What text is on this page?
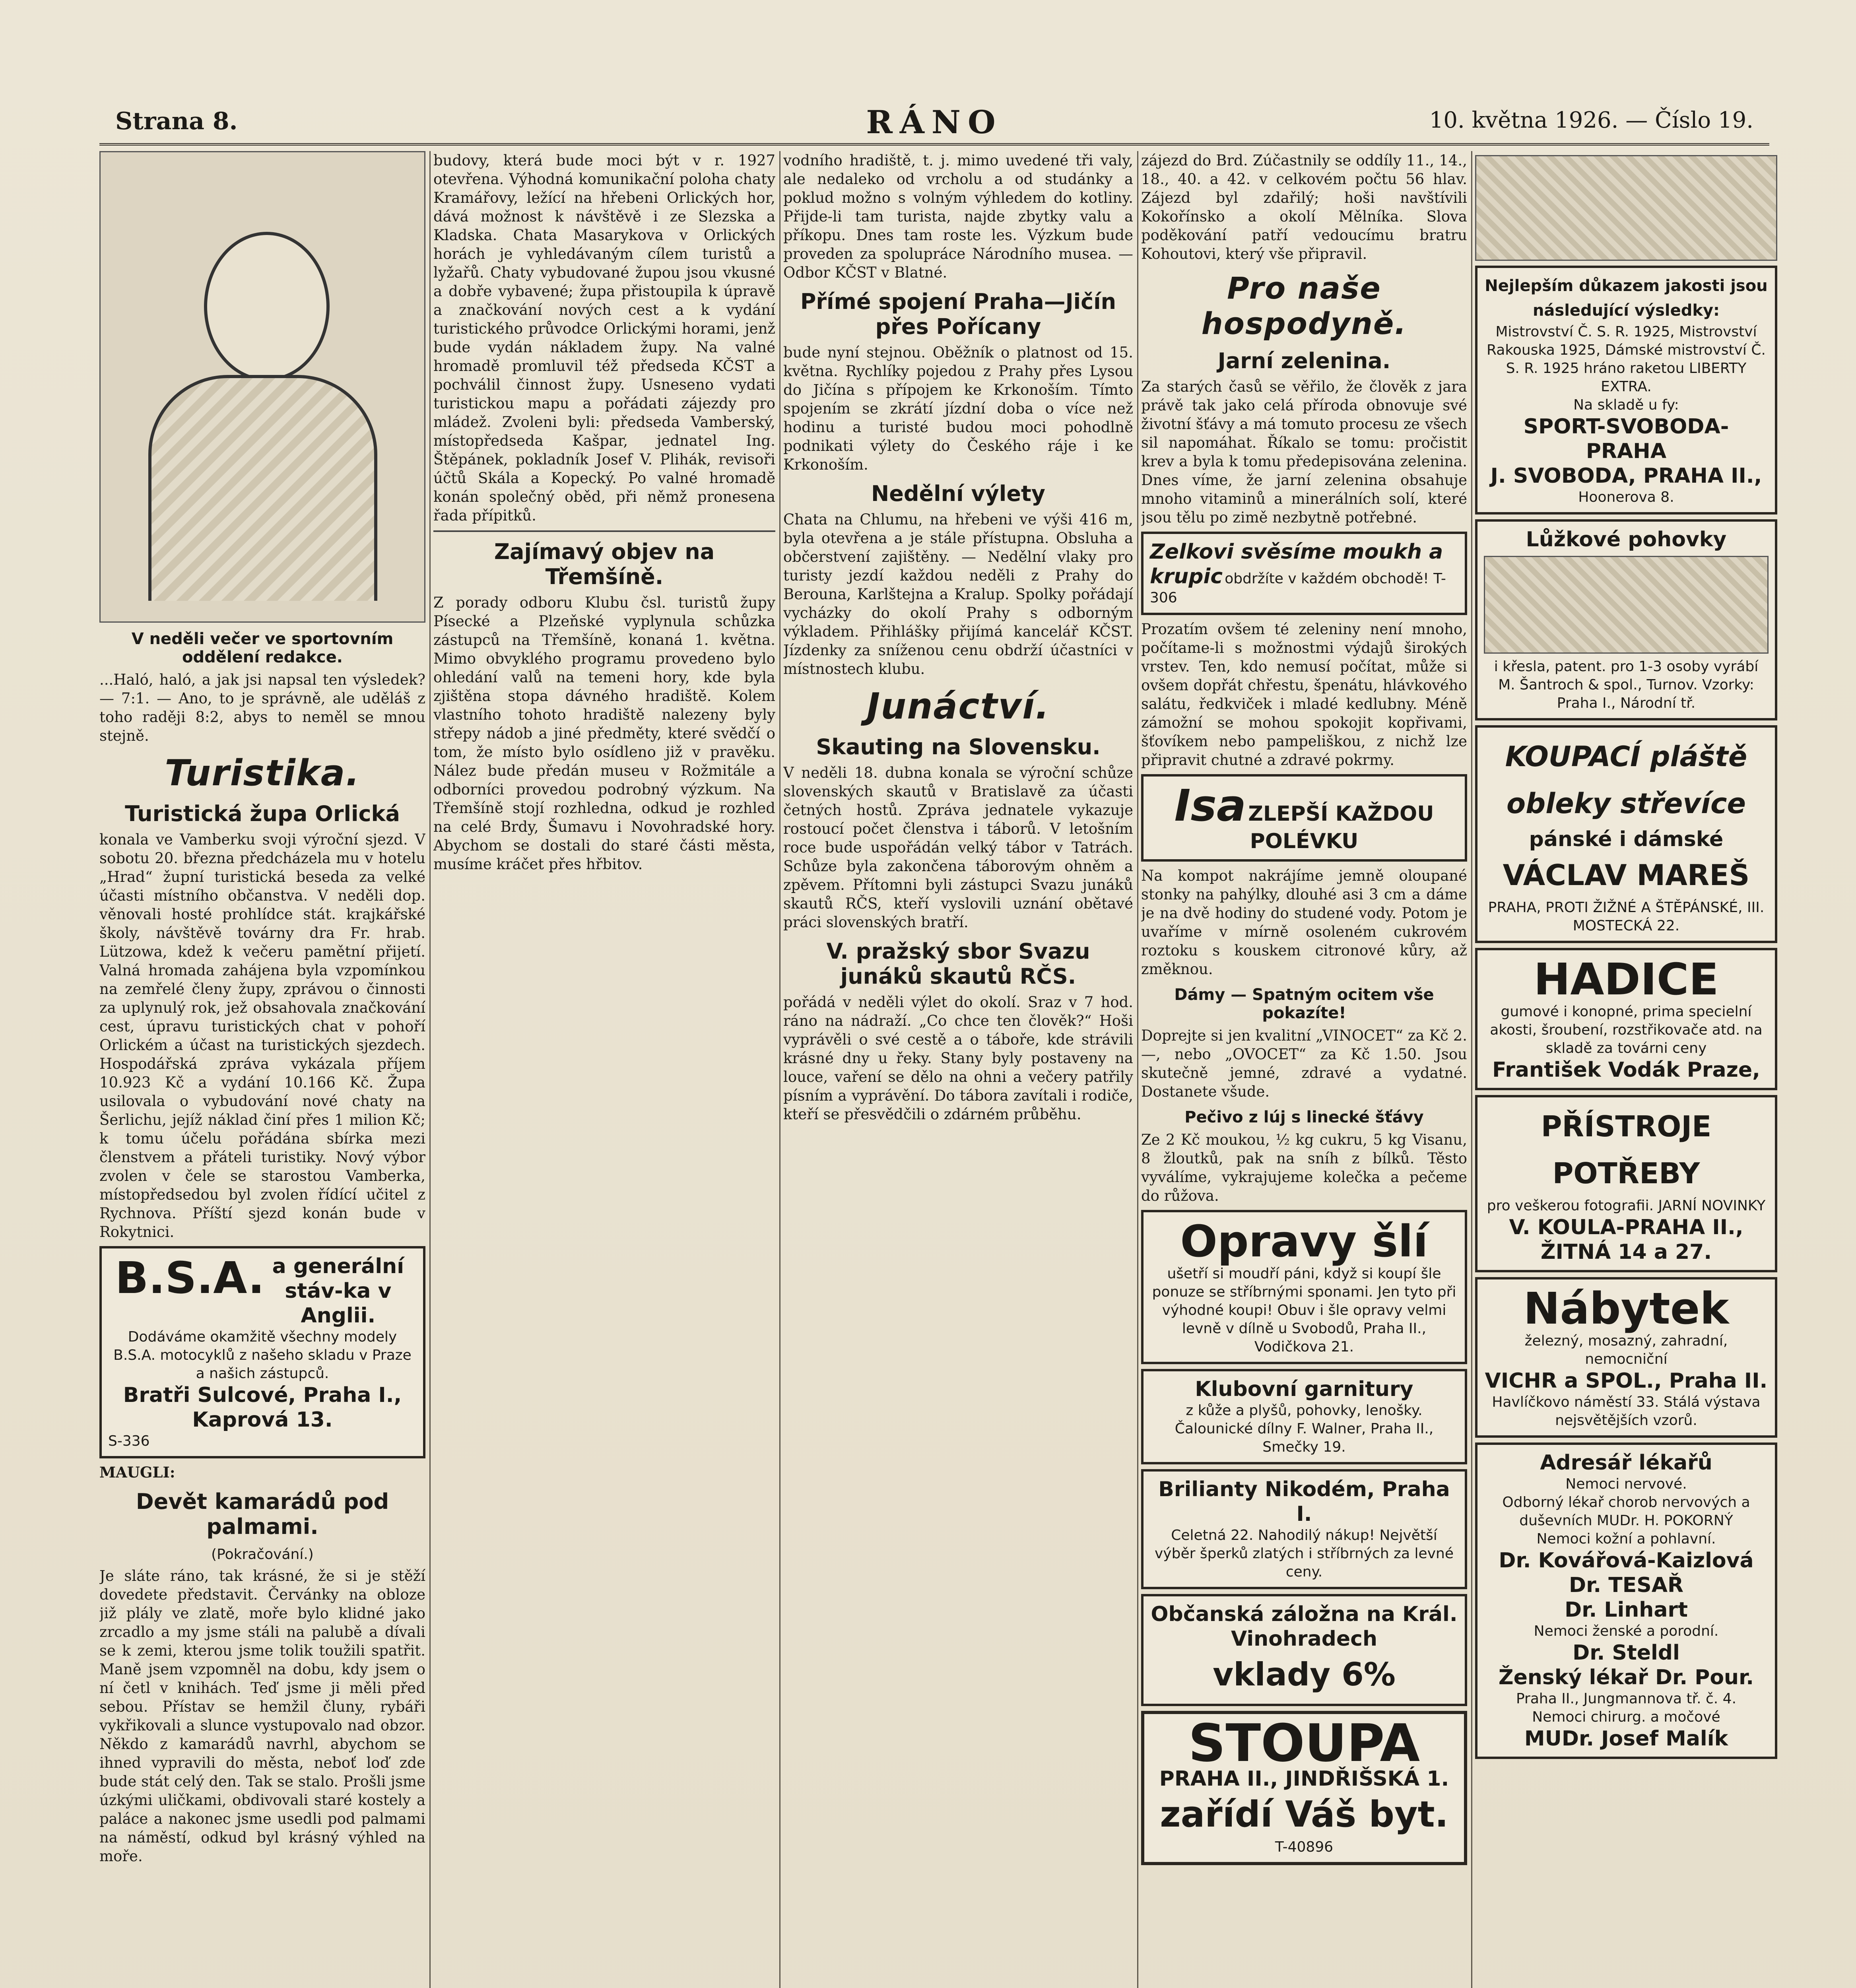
Strana 8.	RÁNO	10. května 1926. — Číslo 19.
V neděli večer ve sportovním oddělení redakce.

...Haló, haló, a jak jsi napsal ten výsledek? — 7:1. — Ano, to je správně, ale uděláš z toho raději 8:2, abys to neměl se mnou stejně.

Turistika.
Turistická župa Orlická

konala ve Vamberku svoji výroční sjezd. V sobotu 20. března předcházela mu v hotelu „Hrad“ župní turistická beseda za velké účasti místního občanstva. V neděli dop. věnovali hosté prohlídce stát. krajkářské školy, návštěvě továrny dra Fr. hrab. Lützowa, kdež k večeru pamětní přijetí. Valná hromada zahájena byla vzpomínkou na zemřelé členy župy, zprávou o činnosti za uplynulý rok, jež obsahovala značkování cest, úpravu turistických chat v pohoří Orlickém a účast na turistických sjezdech. Hospodářská zpráva vykázala příjem 10.923 Kč a vydání 10.166 Kč. Župa usilovala o vybudování nové chaty na Šerlichu, jejíž náklad činí přes 1 milion Kč; k tomu účelu pořádána sbírka mezi členstvem a přáteli turistiky. Nový výbor zvolen v čele se starostou Vamberka, místopředsedou byl zvolen řídící učitel z Rychnova. Příští sjezd konán bude v Rokytnici.

B.S.A. a generální stáv-ka v Anglii.
Dodáváme okamžitě všechny modely B.S.A. motocyklů z našeho skladu v Praze a našich zástupců.
Bratři Sulcové, Praha I., Kaprová 13.
S-336
MAUGLI:
Devět kamarádů pod palmami.
(Pokračování.)

Je sláte ráno, tak krásné, že si je stěží dovedete představit. Červánky na obloze již plály ve zlatě, moře bylo klidné jako zrcadlo a my jsme stáli na palubě a dívali se k zemi, kterou jsme tolik toužili spatřit. Maně jsem vzpomněl na dobu, kdy jsem o ní četl v knihách. Teď jsme ji měli před sebou. Přístav se hemžil čluny, rybáři vykřikovali a slunce vystupovalo nad obzor. Někdo z kamarádů navrhl, abychom se ihned vypravili do města, neboť loď zde bude stát celý den. Tak se stalo. Prošli jsme úzkými uličkami, obdivovali staré kostely a paláce a nakonec jsme usedli pod palmami na náměstí, odkud byl krásný výhled na moře.

budovy, která bude moci být v r. 1927 otevřena. Výhodná komunikační poloha chaty Kramářovy, ležící na hřebeni Orlických hor, dává možnost k návštěvě i ze Slezska a Kladska. Chata Masarykova v Orlických horách je vyhledávaným cílem turistů a lyžařů. Chaty vybudované župou jsou vkusné a dobře vybavené; župa přistoupila k úpravě a značkování nových cest a k vydání turistického průvodce Orlickými horami, jenž bude vydán nákladem župy. Na valné hromadě promluvil též předseda KČST a pochválil činnost župy. Usneseno vydati turistickou mapu a pořádati zájezdy pro mládež. Zvoleni byli: předseda Vamberský, místopředseda Kašpar, jednatel Ing. Štěpánek, pokladník Josef V. Plihák, revisoři účtů Skála a Kopecký. Po valné hromadě konán společný oběd, při němž pronesena řada přípitků.

Zajímavý objev na Třemšíně.

Z porady odboru Klubu čsl. turistů župy Písecké a Plzeňské vyplynula schůzka zástupců na Třemšíně, konaná 1. května. Mimo obvyklého programu provedeno bylo ohledání valů na temeni hory, kde byla zjištěna stopa dávného hradiště. Kolem vlastního tohoto hradiště nalezeny byly střepy nádob a jiné předměty, které svědčí o tom, že místo bylo osídleno již v pravěku. Nález bude předán museu v Rožmitále a odborníci provedou podrobný výzkum. Na Třemšíně stojí rozhledna, odkud je rozhled na celé Brdy, Šumavu i Novohradské hory. Abychom se dostali do staré části města, musíme kráčet přes hřbitov.

vodního hradiště, t. j. mimo uvedené tři valy, ale nedaleko od vrcholu a od studánky a poklud možno s volným výhledem do kotliny. Přijde-li tam turista, najde zbytky valu a příkopu. Dnes tam roste les. Výzkum bude proveden za spolupráce Národního musea. — Odbor KČST v Blatné.

Přímé spojení Praha—Jičín přes Pořícany

bude nyní stejnou. Oběžník o platnost od 15. května. Rychlíky pojedou z Prahy přes Lysou do Jičína s přípojem ke Krkonoším. Tímto spojením se zkrátí jízdní doba o více než hodinu a turisté budou moci pohodlně podnikati výlety do Českého ráje i ke Krkonoším.

Nedělní výlety

Chata na Chlumu, na hřebeni ve výši 416 m, byla otevřena a je stále přístupna. Obsluha a občerstvení zajištěny. — Nedělní vlaky pro turisty jezdí každou neděli z Prahy do Berouna, Karlštejna a Kralup. Spolky pořádají vycházky do okolí Prahy s odborným výkladem. Přihlášky přijímá kancelář KČST. Jízdenky za sníženou cenu obdrží účastníci v místnostech klubu.

Junáctví.
Skauting na Slovensku.

V neděli 18. dubna konala se výroční schůze slovenských skautů v Bratislavě za účasti četných hostů. Zpráva jednatele vykazuje rostoucí počet členstva i táborů. V letošním roce bude uspořádán velký tábor v Tatrách. Schůze byla zakončena táborovým ohněm a zpěvem. Přítomni byli zástupci Svazu junáků skautů RČS, kteří vyslovili uznání obětavé práci slovenských bratří.

V. pražský sbor Svazu junáků skautů RČS.

pořádá v neděli výlet do okolí. Sraz v 7 hod. ráno na nádraží. „Co chce ten člověk?“ Hoši vyprávěli o své cestě a o táboře, kde strávili krásné dny u řeky. Stany byly postaveny na louce, vaření se dělo na ohni a večery patřily písním a vyprávění. Do tábora zavítali i rodiče, kteří se přesvědčili o zdárném průběhu.

zájezd do Brd. Zúčastnily se oddíly 11., 14., 18., 40. a 42. v celkovém počtu 56 hlav. Zájezd byl zdařilý; hoši navštívili Kokořínsko a okolí Mělníka. Slova poděkování patří vedoucímu bratru Kohoutovi, který vše připravil.

Pro naše hospodyně.
Jarní zelenina.

Za starých časů se věřilo, že člověk z jara právě tak jako celá příroda obnovuje své životní šťávy a má tomuto procesu ze všech sil napomáhat. Říkalo se tomu: pročistit krev a byla k tomu předepisována zelenina. Dnes víme, že jarní zelenina obsahuje mnoho vitaminů a minerálních solí, které jsou tělu po zimě nezbytně potřebné.

Zelkovi svěsíme moukh a krupic obdržíte v každém obchodě! T-306

Prozatím ovšem té zeleniny není mnoho, počítame-li s možnostmi výdajů širokých vrstev. Ten, kdo nemusí počítat, může si ovšem dopřát chřestu, špenátu, hlávkového salátu, ředkviček i mladé kedlubny. Méně zámožní se mohou spokojit kopřivami, šťovíkem nebo pampeliškou, z nichž lze připravit chutné a zdravé pokrmy.

Isa ZLEPŠÍ KAŽDOU POLÉVKU

Na kompot nakrájíme jemně oloupané stonky na pahýlky, dlouhé asi 3 cm a dáme je na dvě hodiny do studené vody. Potom je uvaříme v mírně osoleném cukrovém roztoku s kouskem citronové kůry, až změknou.

Dámy — Spatným ocitem vše pokazíte!

Doprejte si jen kvalitní „VINOCET“ za Kč 2.—, nebo „OVOCET“ za Kč 1.50. Jsou skutečně jemné, zdravé a vydatné. Dostanete všude.

Pečivo z lúj s linecké šťávy

Ze 2 Kč moukou, ½ kg cukru, 5 kg Visanu, 8 žloutků, pak na sníh z bílků. Těsto vyválíme, vykrajujeme kolečka a pečeme do růžova.

Opravy šlí
ušetří si moudří páni, když si koupí šle ponuze se stříbrnými sponami. Jen tyto při výhodné koupi! Obuv i šle opravy velmi levně v dílně u Svobodů, Praha II., Vodičkova 21.
Klubovní garnitury
z kůže a plyšů, pohovky, lenošky. Čalounické dílny F. Walner, Praha II., Smečky 19.
Brilianty Nikodém, Praha I.
Celetná 22. Nahodilý nákup! Největší výběr šperků zlatých i stříbrných za levné ceny.
Občanská záložna na Král. Vinohradech
vklady 6%
STOUPA
PRAHA II., JINDŘIŠSKÁ 1.
zařídí Váš byt.
T-40896
Nejlepším důkazem jakosti jsou následující výsledky:
Mistrovství Č. S. R. 1925, Mistrovství Rakouska 1925, Dámské mistrovství Č. S. R. 1925 hráno raketou LIBERTY EXTRA.
Na skladě u fy:
SPORT-SVOBODA-PRAHA
J. SVOBODA, PRAHA II.,
Hoonerova 8.
Lůžkové pohovky
i křesla, patent. pro 1-3 osoby vyrábí M. Šantroch & spol., Turnov. Vzorky: Praha I., Národní tř.
KOUPACÍ pláště obleky střevíce
pánské i dámské
VÁCLAV MAREŠ
PRAHA, PROTI ŽIŽNÉ A ŠTĚPÁNSKÉ, III. MOSTECKÁ 22.
HADICE
gumové i konopné, prima specielní akosti, šroubení, rozstřikovače atd. na skladě za továrni ceny
František Vodák Praze,
PŘÍSTROJE POTŘEBY
pro veškerou fotografii. JARNÍ NOVINKY
V. KOULA-PRAHA II.,
ŽITNÁ 14 a 27.
Nábytek
železný, mosazný, zahradní, nemocniční
VICHR a SPOL., Praha II.
Havlíčkovo náměstí 33. Stálá výstava nejsvětějších vzorů.
Adresář lékařů
Nemoci nervové.
Odborný lékař chorob nervových a duševních MUDr. H. POKORNÝ
Nemoci kožní a pohlavní.
Dr. Kovářová-Kaizlová
Dr. TESAŘ
Dr. Linhart
Nemoci ženské a porodní.
Dr. Steldl
Ženský lékař Dr. Pour.
Praha II., Jungmannova tř. č. 4.
Nemoci chirurg. a močové
MUDr. Josef Malík
